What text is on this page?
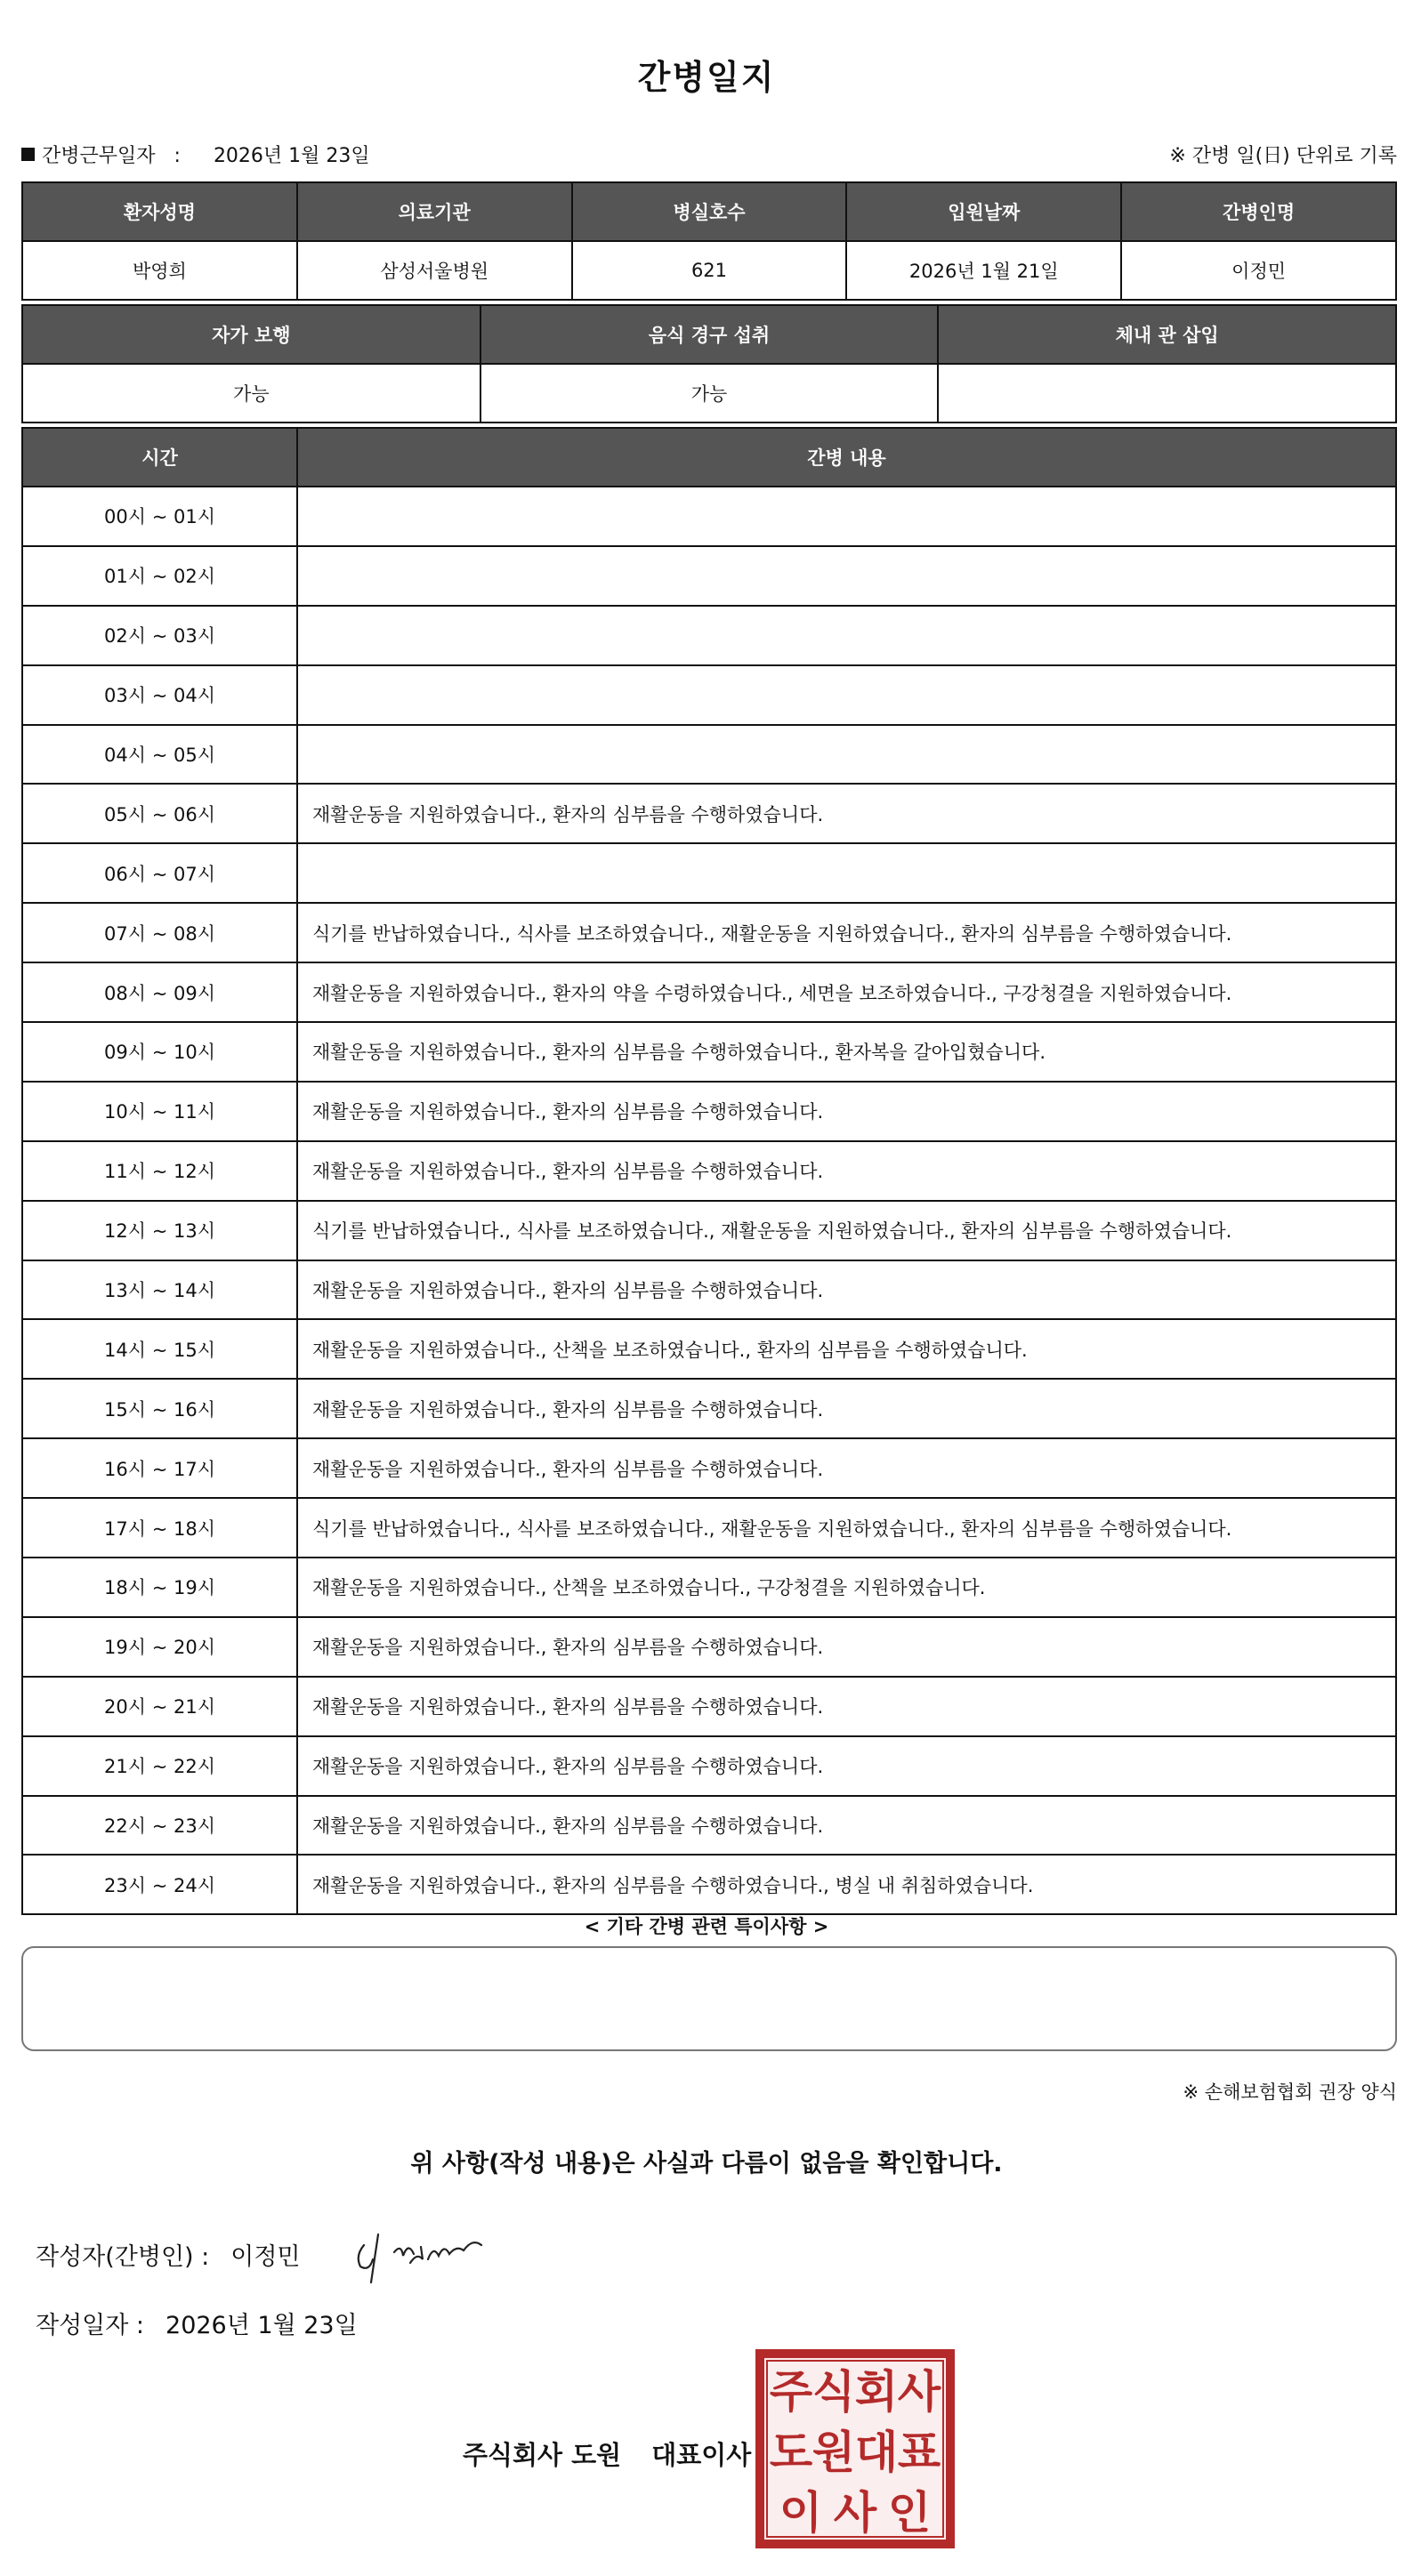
간병일지
간병근무일자 : 2026년 1월 23일	※ 간병 일(日) 단위로 기록
환자성명	의료기관	병실호수	입원날짜	간병인명
박영희	삼성서울병원	621	2026년 1월 21일	이정민
자가 보행	음식 경구 섭취	체내 관 삽입
가능	가능	
시간	간병 내용
00시 ~ 01시	
01시 ~ 02시	
02시 ~ 03시	
03시 ~ 04시	
04시 ~ 05시	
05시 ~ 06시	재활운동을 지원하였습니다., 환자의 심부름을 수행하였습니다.
06시 ~ 07시	
07시 ~ 08시	식기를 반납하였습니다., 식사를 보조하였습니다., 재활운동을 지원하였습니다., 환자의 심부름을 수행하였습니다.
08시 ~ 09시	재활운동을 지원하였습니다., 환자의 약을 수령하였습니다., 세면을 보조하였습니다., 구강청결을 지원하였습니다.
09시 ~ 10시	재활운동을 지원하였습니다., 환자의 심부름을 수행하였습니다., 환자복을 갈아입혔습니다.
10시 ~ 11시	재활운동을 지원하였습니다., 환자의 심부름을 수행하였습니다.
11시 ~ 12시	재활운동을 지원하였습니다., 환자의 심부름을 수행하였습니다.
12시 ~ 13시	식기를 반납하였습니다., 식사를 보조하였습니다., 재활운동을 지원하였습니다., 환자의 심부름을 수행하였습니다.
13시 ~ 14시	재활운동을 지원하였습니다., 환자의 심부름을 수행하였습니다.
14시 ~ 15시	재활운동을 지원하였습니다., 산책을 보조하였습니다., 환자의 심부름을 수행하였습니다.
15시 ~ 16시	재활운동을 지원하였습니다., 환자의 심부름을 수행하였습니다.
16시 ~ 17시	재활운동을 지원하였습니다., 환자의 심부름을 수행하였습니다.
17시 ~ 18시	식기를 반납하였습니다., 식사를 보조하였습니다., 재활운동을 지원하였습니다., 환자의 심부름을 수행하였습니다.
18시 ~ 19시	재활운동을 지원하였습니다., 산책을 보조하였습니다., 구강청결을 지원하였습니다.
19시 ~ 20시	재활운동을 지원하였습니다., 환자의 심부름을 수행하였습니다.
20시 ~ 21시	재활운동을 지원하였습니다., 환자의 심부름을 수행하였습니다.
21시 ~ 22시	재활운동을 지원하였습니다., 환자의 심부름을 수행하였습니다.
22시 ~ 23시	재활운동을 지원하였습니다., 환자의 심부름을 수행하였습니다.
23시 ~ 24시	재활운동을 지원하였습니다., 환자의 심부름을 수행하였습니다., 병실 내 취침하였습니다.
< 기타 간병 관련 특이사항 >
※ 손해보험협회 권장 양식
위 사항(작성 내용)은 사실과 다름이 없음을 확인합니다.
작성자(간병인) : 이정민
작성일자 : 2026년 1월 23일
주식회사 도원 대표이사
주 식 회 사
도 원 대 표
이 사 인
